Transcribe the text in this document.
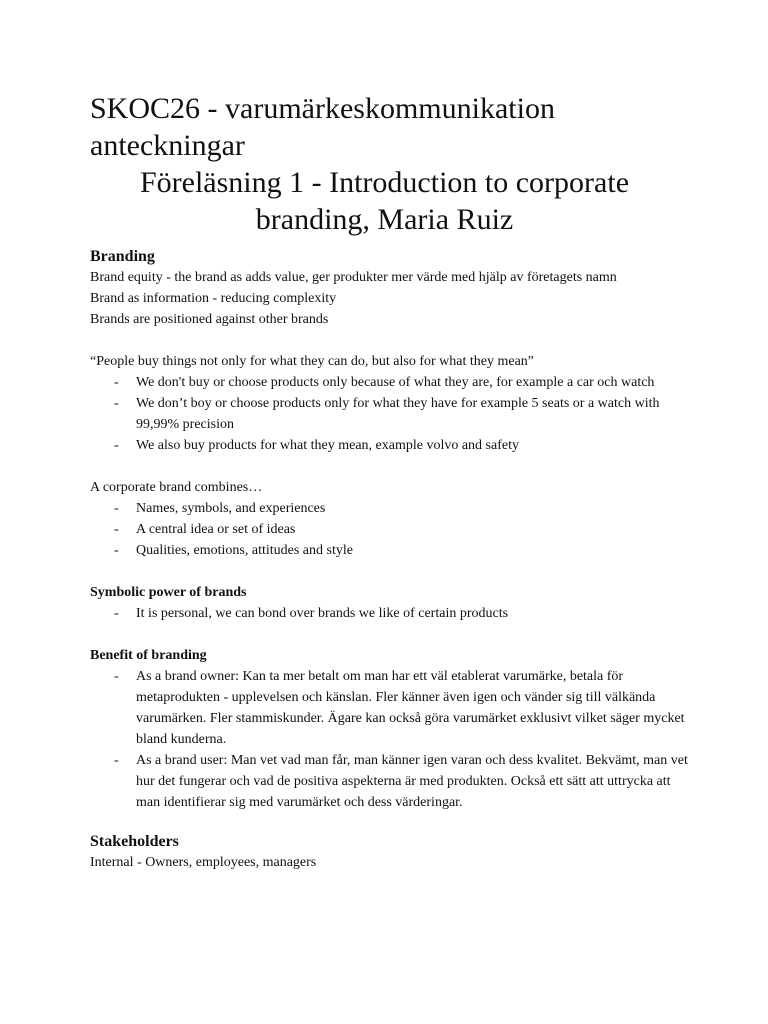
SKOC26 - varumärkeskommunikation
anteckningar
Föreläsning 1 - Introduction to corporate
branding, Maria Ruiz
Branding

Brand equity - the brand as adds value, ger produkter mer värde med hjälp av företagets namn

Brand as information - reducing complexity

Brands are positioned against other brands

“People buy things not only for what they can do, but also for what they mean”

- We don't buy or choose products only because of what they are, for example a car och watch
- We don’t boy or choose products only for what they have for example 5 seats or a watch with 99,99% precision
- We also buy products for what they mean, example volvo and safety

A corporate brand combines…

- Names, symbols, and experiences
- A central idea or set of ideas
- Qualities, emotions, attitudes and style
Symbolic power of brands
- It is personal, we can bond over brands we like of certain products
Benefit of branding
- As a brand owner: Kan ta mer betalt om man har ett väl etablerat varumärke, betala för metaprodukten - upplevelsen och känslan. Fler känner även igen och vänder sig till välkända varumärken. Fler stammiskunder. Ägare kan också göra varumärket exklusivt vilket säger mycket bland kunderna.
- As a brand user: Man vet vad man får, man känner igen varan och dess kvalitet. Bekvämt, man vet hur det fungerar och vad de positiva aspekterna är med produkten. Också ett sätt att uttrycka att man identifierar sig med varumärket och dess värderingar.
Stakeholders

Internal - Owners, employees, managers
